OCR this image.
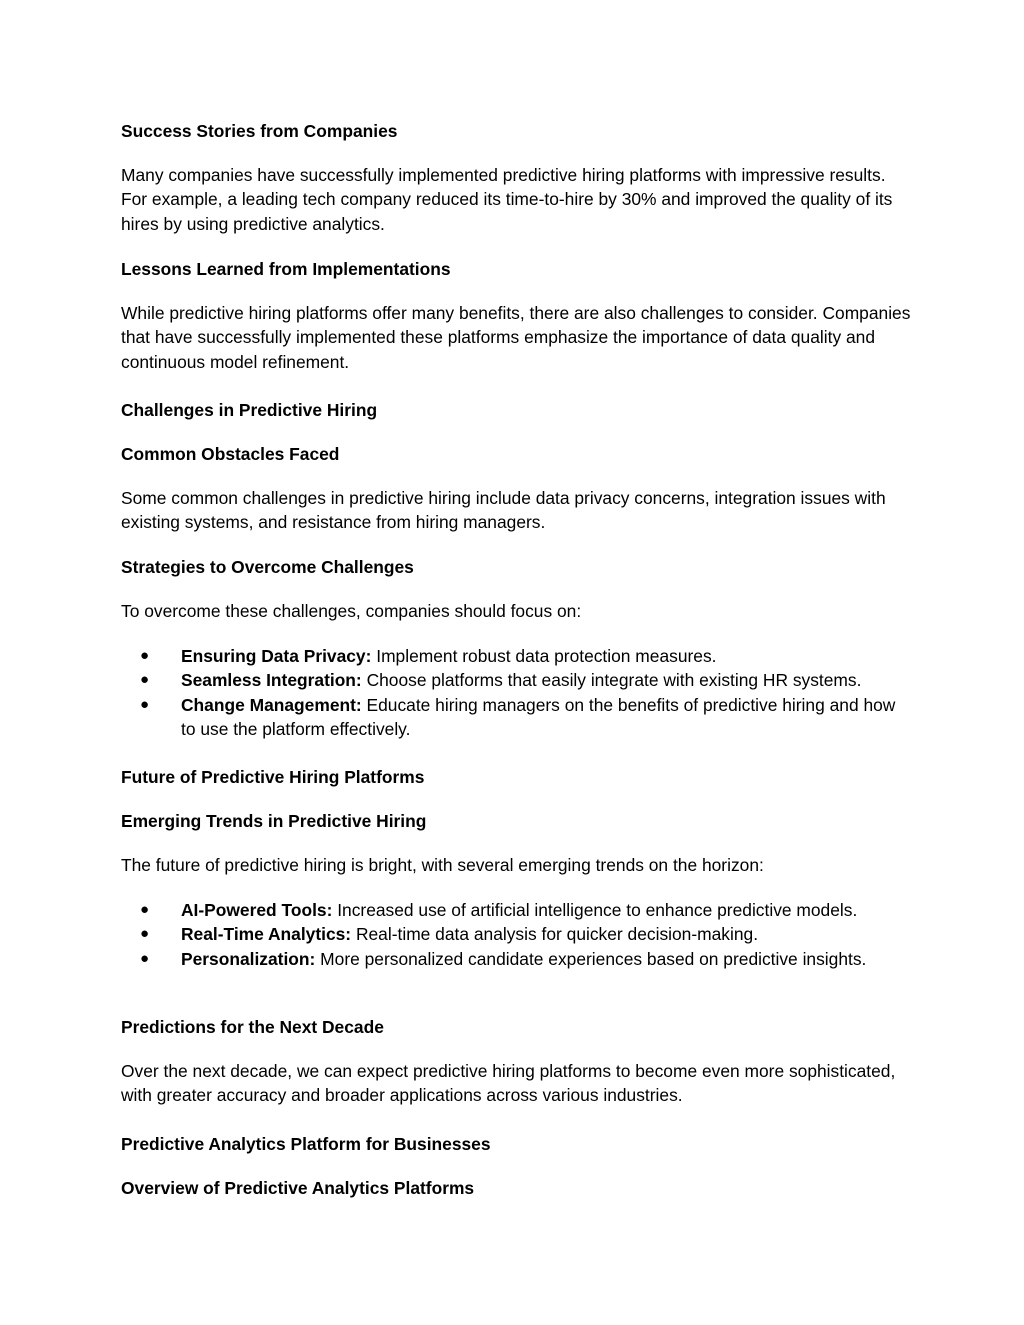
Success Stories from Companies

Many companies have successfully implemented predictive hiring platforms with impressive results. For example, a leading tech company reduced its time-to-hire by 30% and improved the quality of its hires by using predictive analytics.

Lessons Learned from Implementations

While predictive hiring platforms offer many benefits, there are also challenges to consider. Companies that have successfully implemented these platforms emphasize the importance of data quality and continuous model refinement.

Challenges in Predictive Hiring

Common Obstacles Faced

Some common challenges in predictive hiring include data privacy concerns, integration issues with existing systems, and resistance from hiring managers.

Strategies to Overcome Challenges

To overcome these challenges, companies should focus on:

● Ensuring Data Privacy: Implement robust data protection measures.
● Seamless Integration: Choose platforms that easily integrate with existing HR systems.
● Change Management: Educate hiring managers on the benefits of predictive hiring and how to use the platform effectively.

Future of Predictive Hiring Platforms

Emerging Trends in Predictive Hiring

The future of predictive hiring is bright, with several emerging trends on the horizon:

● AI-Powered Tools: Increased use of artificial intelligence to enhance predictive models.
● Real-Time Analytics: Real-time data analysis for quicker decision-making.
● Personalization: More personalized candidate experiences based on predictive insights.

Predictions for the Next Decade

Over the next decade, we can expect predictive hiring platforms to become even more sophisticated, with greater accuracy and broader applications across various industries.

Predictive Analytics Platform for Businesses

Overview of Predictive Analytics Platforms
